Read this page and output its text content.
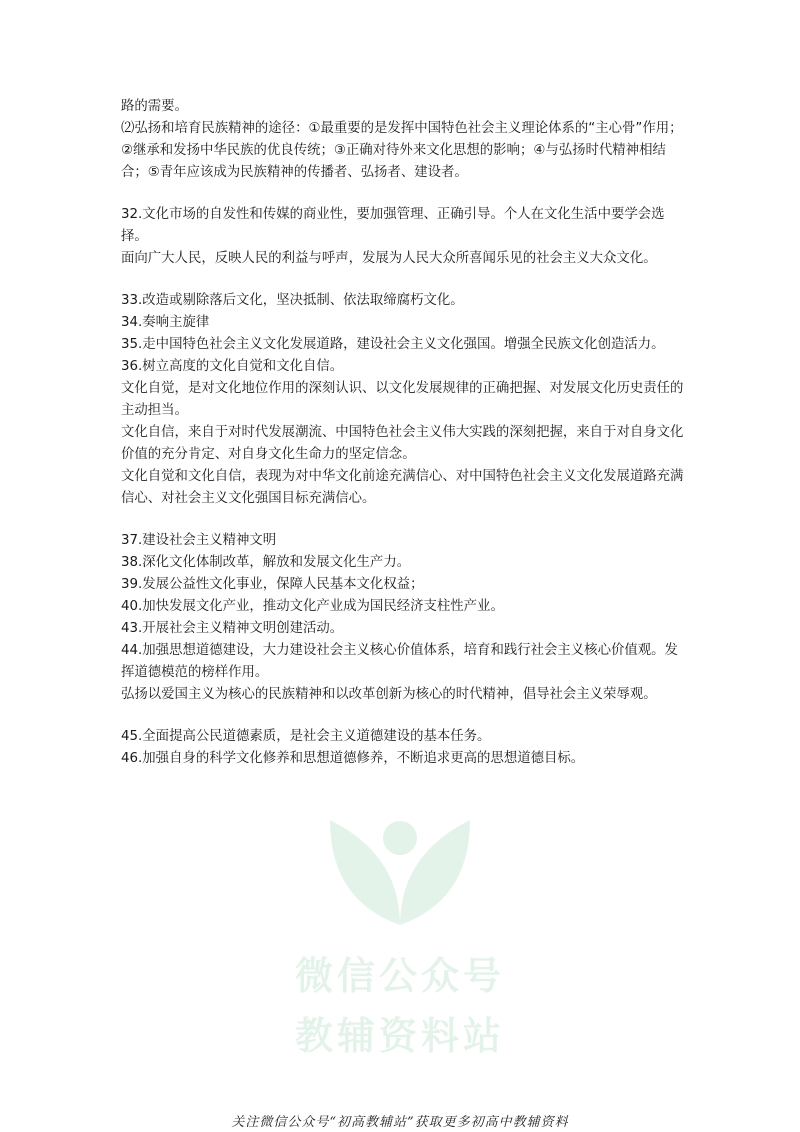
路的需要。

⑵弘扬和培育民族精神的途径：①最重要的是发挥中国特色社会主义理论体系的“主心骨”作用；②继承和发扬中华民族的优良传统；③正确对待外来文化思想的影响；④与弘扬时代精神相结合；⑤青年应该成为民族精神的传播者、弘扬者、建设者。

32.文化市场的自发性和传媒的商业性，要加强管理、正确引导。个人在文化生活中要学会选择。

面向广大人民，反映人民的利益与呼声，发展为人民大众所喜闻乐见的社会主义大众文化。

33.改造或剔除落后文化，坚决抵制、依法取缔腐朽文化。

34.奏响主旋律

35.走中国特色社会主义文化发展道路，建设社会主义文化强国。增强全民族文化创造活力。

36.树立高度的文化自觉和文化自信。

文化自觉，是对文化地位作用的深刻认识、以文化发展规律的正确把握、对发展文化历史责任的主动担当。

文化自信，来自于对时代发展潮流、中国特色社会主义伟大实践的深刻把握，来自于对自身文化价值的充分肯定、对自身文化生命力的坚定信念。

文化自觉和文化自信，表现为对中华文化前途充满信心、对中国特色社会主义文化发展道路充满信心、对社会主义文化强国目标充满信心。

37.建设社会主义精神文明

38.深化文化体制改革，解放和发展文化生产力。

39.发展公益性文化事业，保障人民基本文化权益；

40.加快发展文化产业，推动文化产业成为国民经济支柱性产业。

43.开展社会主义精神文明创建活动。

44.加强思想道德建设，大力建设社会主义核心价值体系，培育和践行社会主义核心价值观。发挥道德模范的榜样作用。

弘扬以爱国主义为核心的民族精神和以改革创新为核心的时代精神，倡导社会主义荣辱观。

45.全面提高公民道德素质，是社会主义道德建设的基本任务。

46.加强自身的科学文化修养和思想道德修养，不断追求更高的思想道德目标。

微信公众号
教辅资料站
关注微信公众号“初高教辅站”获取更多初高中教辅资料
